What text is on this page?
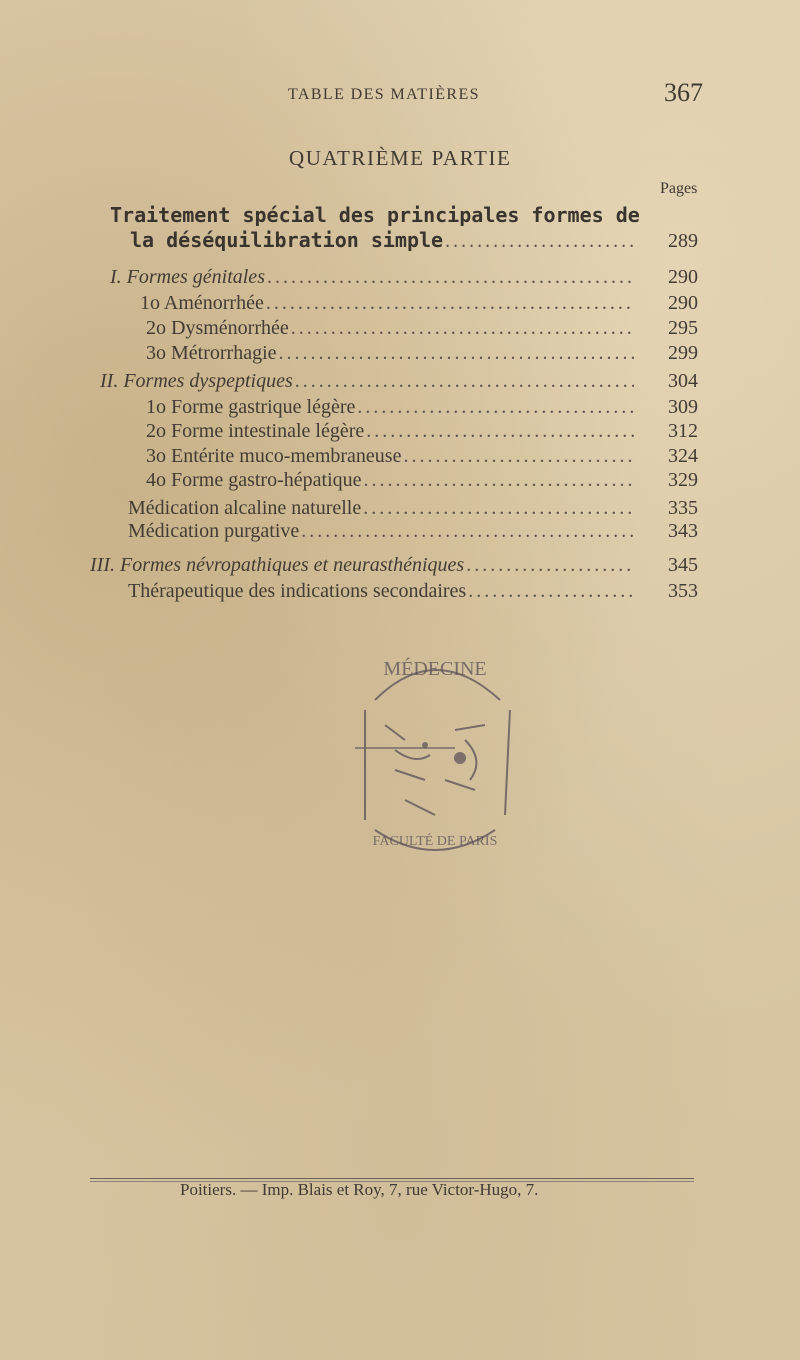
TABLE DES MATIÈRES	367
QUATRIÈME PARTIE
Pages
Traitement spécial des principales formes de
la déséquilibration simple .....	289
I. Formes génitales .....	290
1o Aménorrhée .....	290
2o Dysménorrhée .....	295
3o Métrorrhagie .....	299
II. Formes dyspeptiques .....	304
1o Forme gastrique légère .....	309
2o Forme intestinale légère .....	312
3o Entérite muco-membraneuse .....	324
4o Forme gastro-hépatique .....	329
Médication alcaline naturelle .....	335
Médication purgative .....	343
III. Formes névropathiques et neurasthéniques .....	345
Thérapeutique des indications secondaires .....	353
MÉDECINE
FACULTÉ DE PARIS
Poitiers. — Imp. Blais et Roy, 7, rue Victor-Hugo, 7.
